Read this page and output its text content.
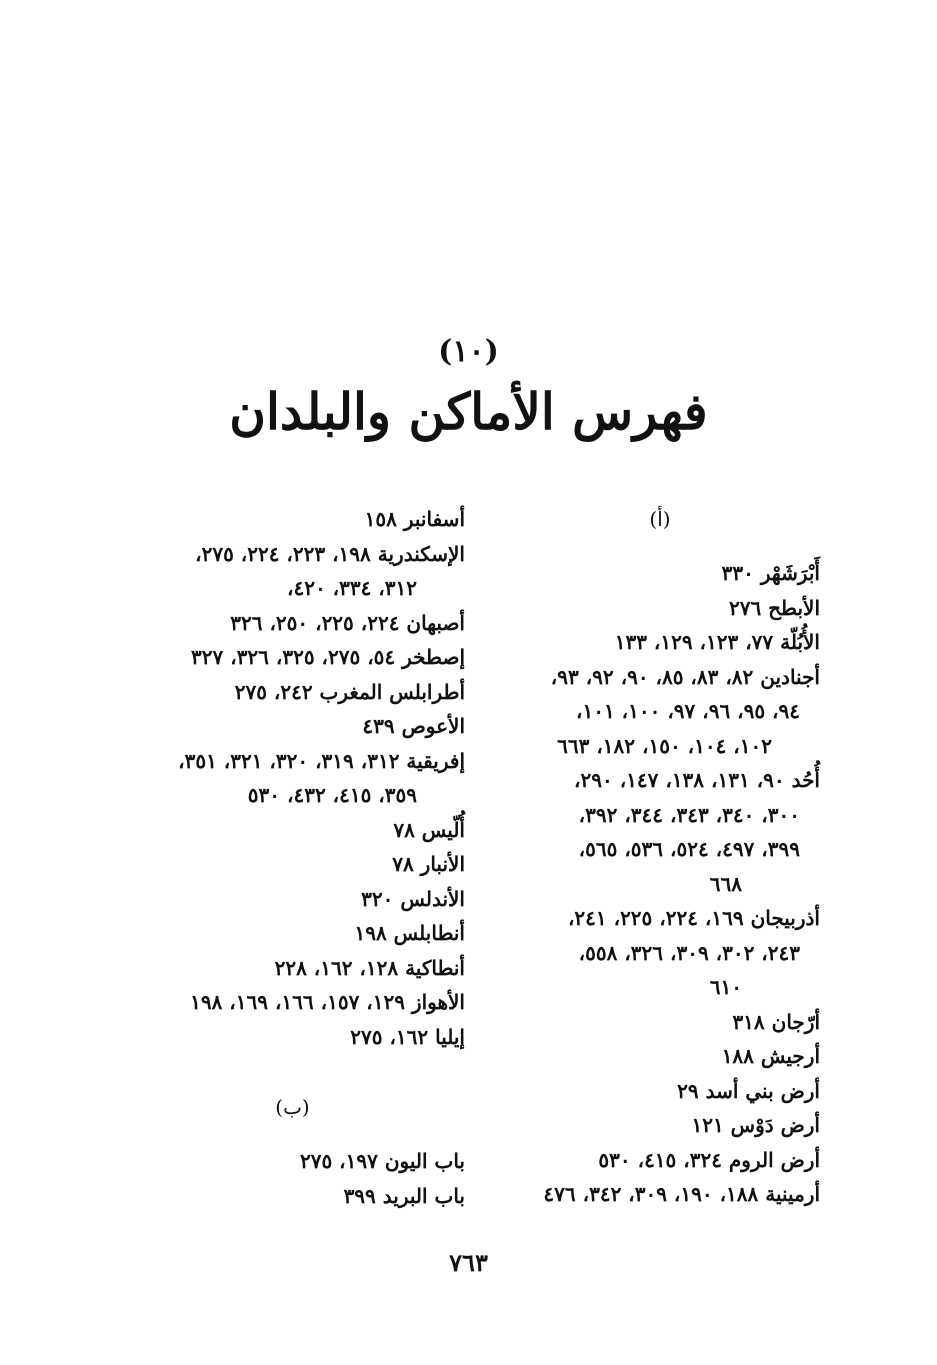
(١٠)
فهرس الأماكن والبلدان
(أ)
أَبْرَشَهْر ٣٣٠
الأبطح ٢٧٦
الأُبُلّة ٧٧، ١٢٣، ١٢٩، ١٣٣
أجنادين ٨٢، ٨٣، ٨٥، ٩٠، ٩٢، ٩٣،
٩٤، ٩٥، ٩٦، ٩٧، ١٠٠، ١٠١،
١٠٢، ١٠٤، ١٥٠، ١٨٢، ٦٦٣
أُحُد ٩٠، ١٣١، ١٣٨، ١٤٧، ٢٩٠،
٣٠٠، ٣٤٠، ٣٤٣، ٣٤٤، ٣٩٢،
٣٩٩، ٤٩٧، ٥٢٤، ٥٣٦، ٥٦٥،
٦٦٨
أذربيجان ١٦٩، ٢٢٤، ٢٢٥، ٢٤١،
٢٤٣، ٣٠٢، ٣٠٩، ٣٢٦، ٥٥٨،
٦١٠
أرّجان ٣١٨
أرجيش ١٨٨
أرض بني أسد ٢٩
أرض دَوْس ١٢١
أرض الروم ٣٢٤، ٤١٥، ٥٣٠
أرمينية ١٨٨، ١٩٠، ٣٠٩، ٣٤٢، ٤٧٦
أسفانبر ١٥٨
الإسكندرية ١٩٨، ٢٢٣، ٢٢٤، ٢٧٥،
٣١٢، ٣٣٤، ٤٢٠،
أصبهان ٢٢٤، ٢٢٥، ٢٥٠، ٣٢٦
إصطخر ٥٤، ٢٧٥، ٣٢٥، ٣٢٦، ٣٢٧
أطرابلس المغرب ٢٤٢، ٢٧٥
الأعوص ٤٣٩
إفريقية ٣١٢، ٣١٩، ٣٢٠، ٣٢١، ٣٥١،
٣٥٩، ٤١٥، ٤٣٢، ٥٣٠
أُلّيس ٧٨
الأنبار ٧٨
الأندلس ٣٢٠
أنطابلس ١٩٨
أنطاكية ١٢٨، ١٦٢، ٢٢٨
الأهواز ١٢٩، ١٥٧، ١٦٦، ١٦٩، ١٩٨
إيليا ١٦٢، ٢٧٥
(ب)
باب اليون ١٩٧، ٢٧٥
باب البريد ٣٩٩
٧٦٣
